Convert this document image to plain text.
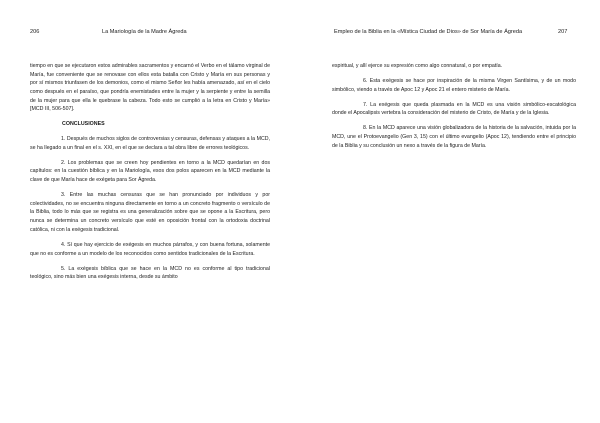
206	La Mariología de la Madre Ágreda

tiempo en que se ejecutaron estos admirables sacramentos y encarnó el Verbo en el tálamo virginal de María, fue conveniente que se renovase con ellos esta batalla con Cristo y María en sus personas y por sí mismos triunfasen de los demonios, como el mismo Señor les había amenazado, así en el cielo como después en el paraíso, que pondría enemistades entre la mujer y la serpiente y entre la semilla de la mujer para que ella le quebrase la cabeza. Todo esto se cumplió a la letra en Cristo y María» [MCD III, 506-507].

CONCLUSIONES

1. Después de muchos siglos de controversias y censuras, defensas y ataques a la MCD, se ha llegado a un final en el s. XXI, en el que se declara a tal obra libre de errores teológicos.

2. Los problemas que se creen hoy pendientes en torno a la MCD quedarían en dos capítulos: en la cuestión bíblica y en la Mariología, esos dos polos aparecen en la MCD mediante la clave de que María hace de exégeta para Sor Ágreda.

3. Entre las muchas censuras que se han pronunciado por individuos y por colectividades, no se encuentra ninguna directamente en torno a un concreto fragmento o versículo de la Biblia, todo lo más que se registra es una generalización sobre que se opone a la Escritura, pero nunca se determina un concreto versículo que esté en oposición frontal con la ortodoxia doctrinal católica, ni con la exégesis tradicional.

4. Sí que hay ejercicio de exégesis en muchos párrafos, y con buena fortuna, solamente que no es conforme a un modelo de los reconocidos como sentidos tradicionales de la Escritura.

5. La exégesis bíblica que se hace en la MCD no es conforme al tipo tradicional teológico, sino más bien una exégesis interna, desde su ámbito

Empleo de la Biblia en la «Mística Ciudad de Dios» de Sor María de Ágreda	207

espiritual, y allí ejerce su expresión como algo connatural, o por empatía.

6. Esta exégesis se hace por inspiración de la misma Virgen Santísima, y de un modo simbólico, viendo a través de Apoc 12 y Apoc 21 el entero misterio de María.

7. La exégesis que queda plasmada en la MCD es una visión simbólico-escatológica donde el Apocalipsis vertebra la consideración del misterio de Cristo, de María y de la Iglesia.

8. En la MCD aparece una visión globalizadora de la historia de la salvación, intuida por la MCD, une el Protoevangelio (Gen 3, 15) con el último evangelio (Apoc 12), tendiendo entre el principio de la Biblia y su conclusión un nexo a través de la figura de María.
